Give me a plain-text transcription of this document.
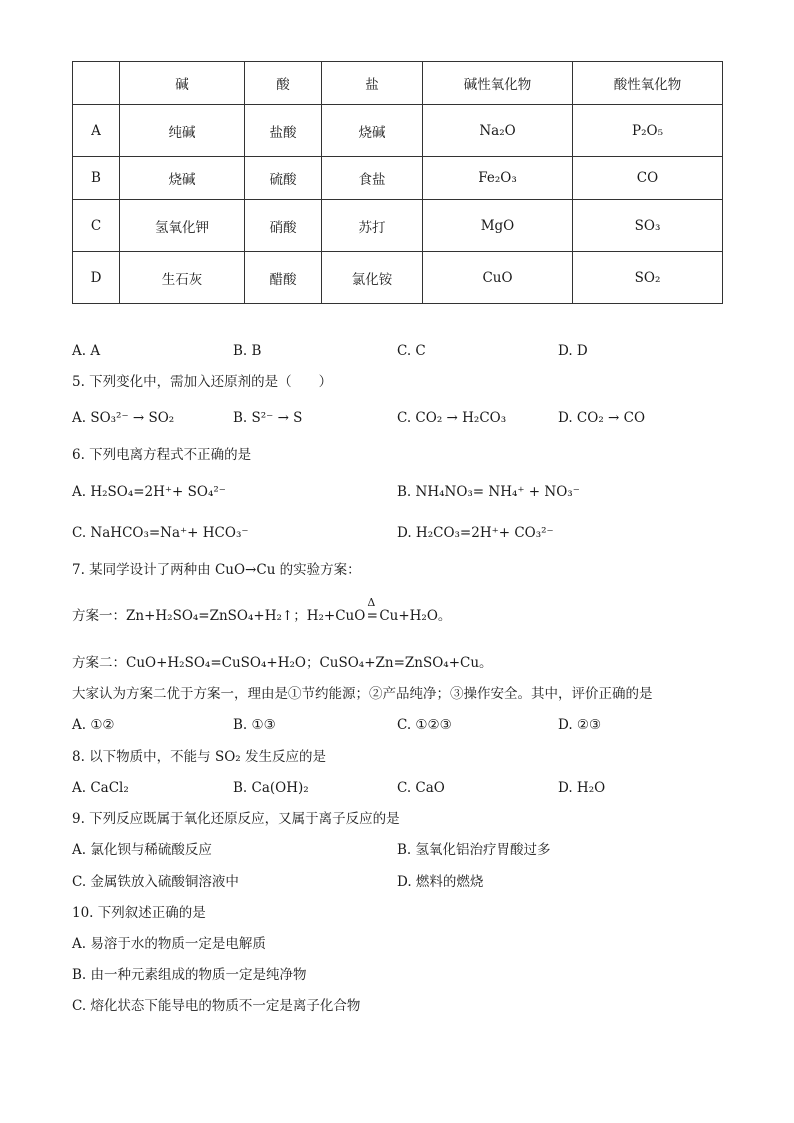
	碱	酸	盐	碱性氧化物	酸性氧化物
A	纯碱	盐酸	烧碱	Na₂O	P₂O₅
B	烧碱	硫酸	食盐	Fe₂O₃	CO
C	氢氧化钾	硝酸	苏打	MgO	SO₃
D	生石灰	醋酸	氯化铵	CuO	SO₂
A. A	B. B	C. C	D. D
5. 下列变化中，需加入还原剂的是（　　）
A. SO₃²⁻ → SO₂	B. S²⁻ → S	C. CO₂ → H₂CO₃	D. CO₂ → CO
6. 下列电离方程式不正确的是
A. H₂SO₄=2H⁺+ SO₄²⁻	B. NH₄NO₃= NH₄⁺ + NO₃⁻
C. NaHCO₃=Na⁺+ HCO₃⁻	D. H₂CO₃=2H⁺+ CO₃²⁻
7. 某同学设计了两种由 CuO→Cu 的实验方案：
方案一：Zn+H₂SO₄=ZnSO₄+H₂↑；H₂+CuO
Δ
=Cu+H₂O。
方案二：CuO+H₂SO₄=CuSO₄+H₂O；CuSO₄+Zn=ZnSO₄+Cu。
大家认为方案二优于方案一，理由是①节约能源；②产品纯净；③操作安全。其中，评价正确的是
A. ①②	B. ①③	C. ①②③	D. ②③
8. 以下物质中，不能与 SO₂ 发生反应的是
A. CaCl₂	B. Ca(OH)₂	C. CaO	D. H₂O
9. 下列反应既属于氧化还原反应，又属于离子反应的是
A. 氯化钡与稀硫酸反应	B. 氢氧化铝治疗胃酸过多
C. 金属铁放入硫酸铜溶液中	D. 燃料的燃烧
10. 下列叙述正确的是
A. 易溶于水的物质一定是电解质
B. 由一种元素组成的物质一定是纯净物
C. 熔化状态下能导电的物质不一定是离子化合物
